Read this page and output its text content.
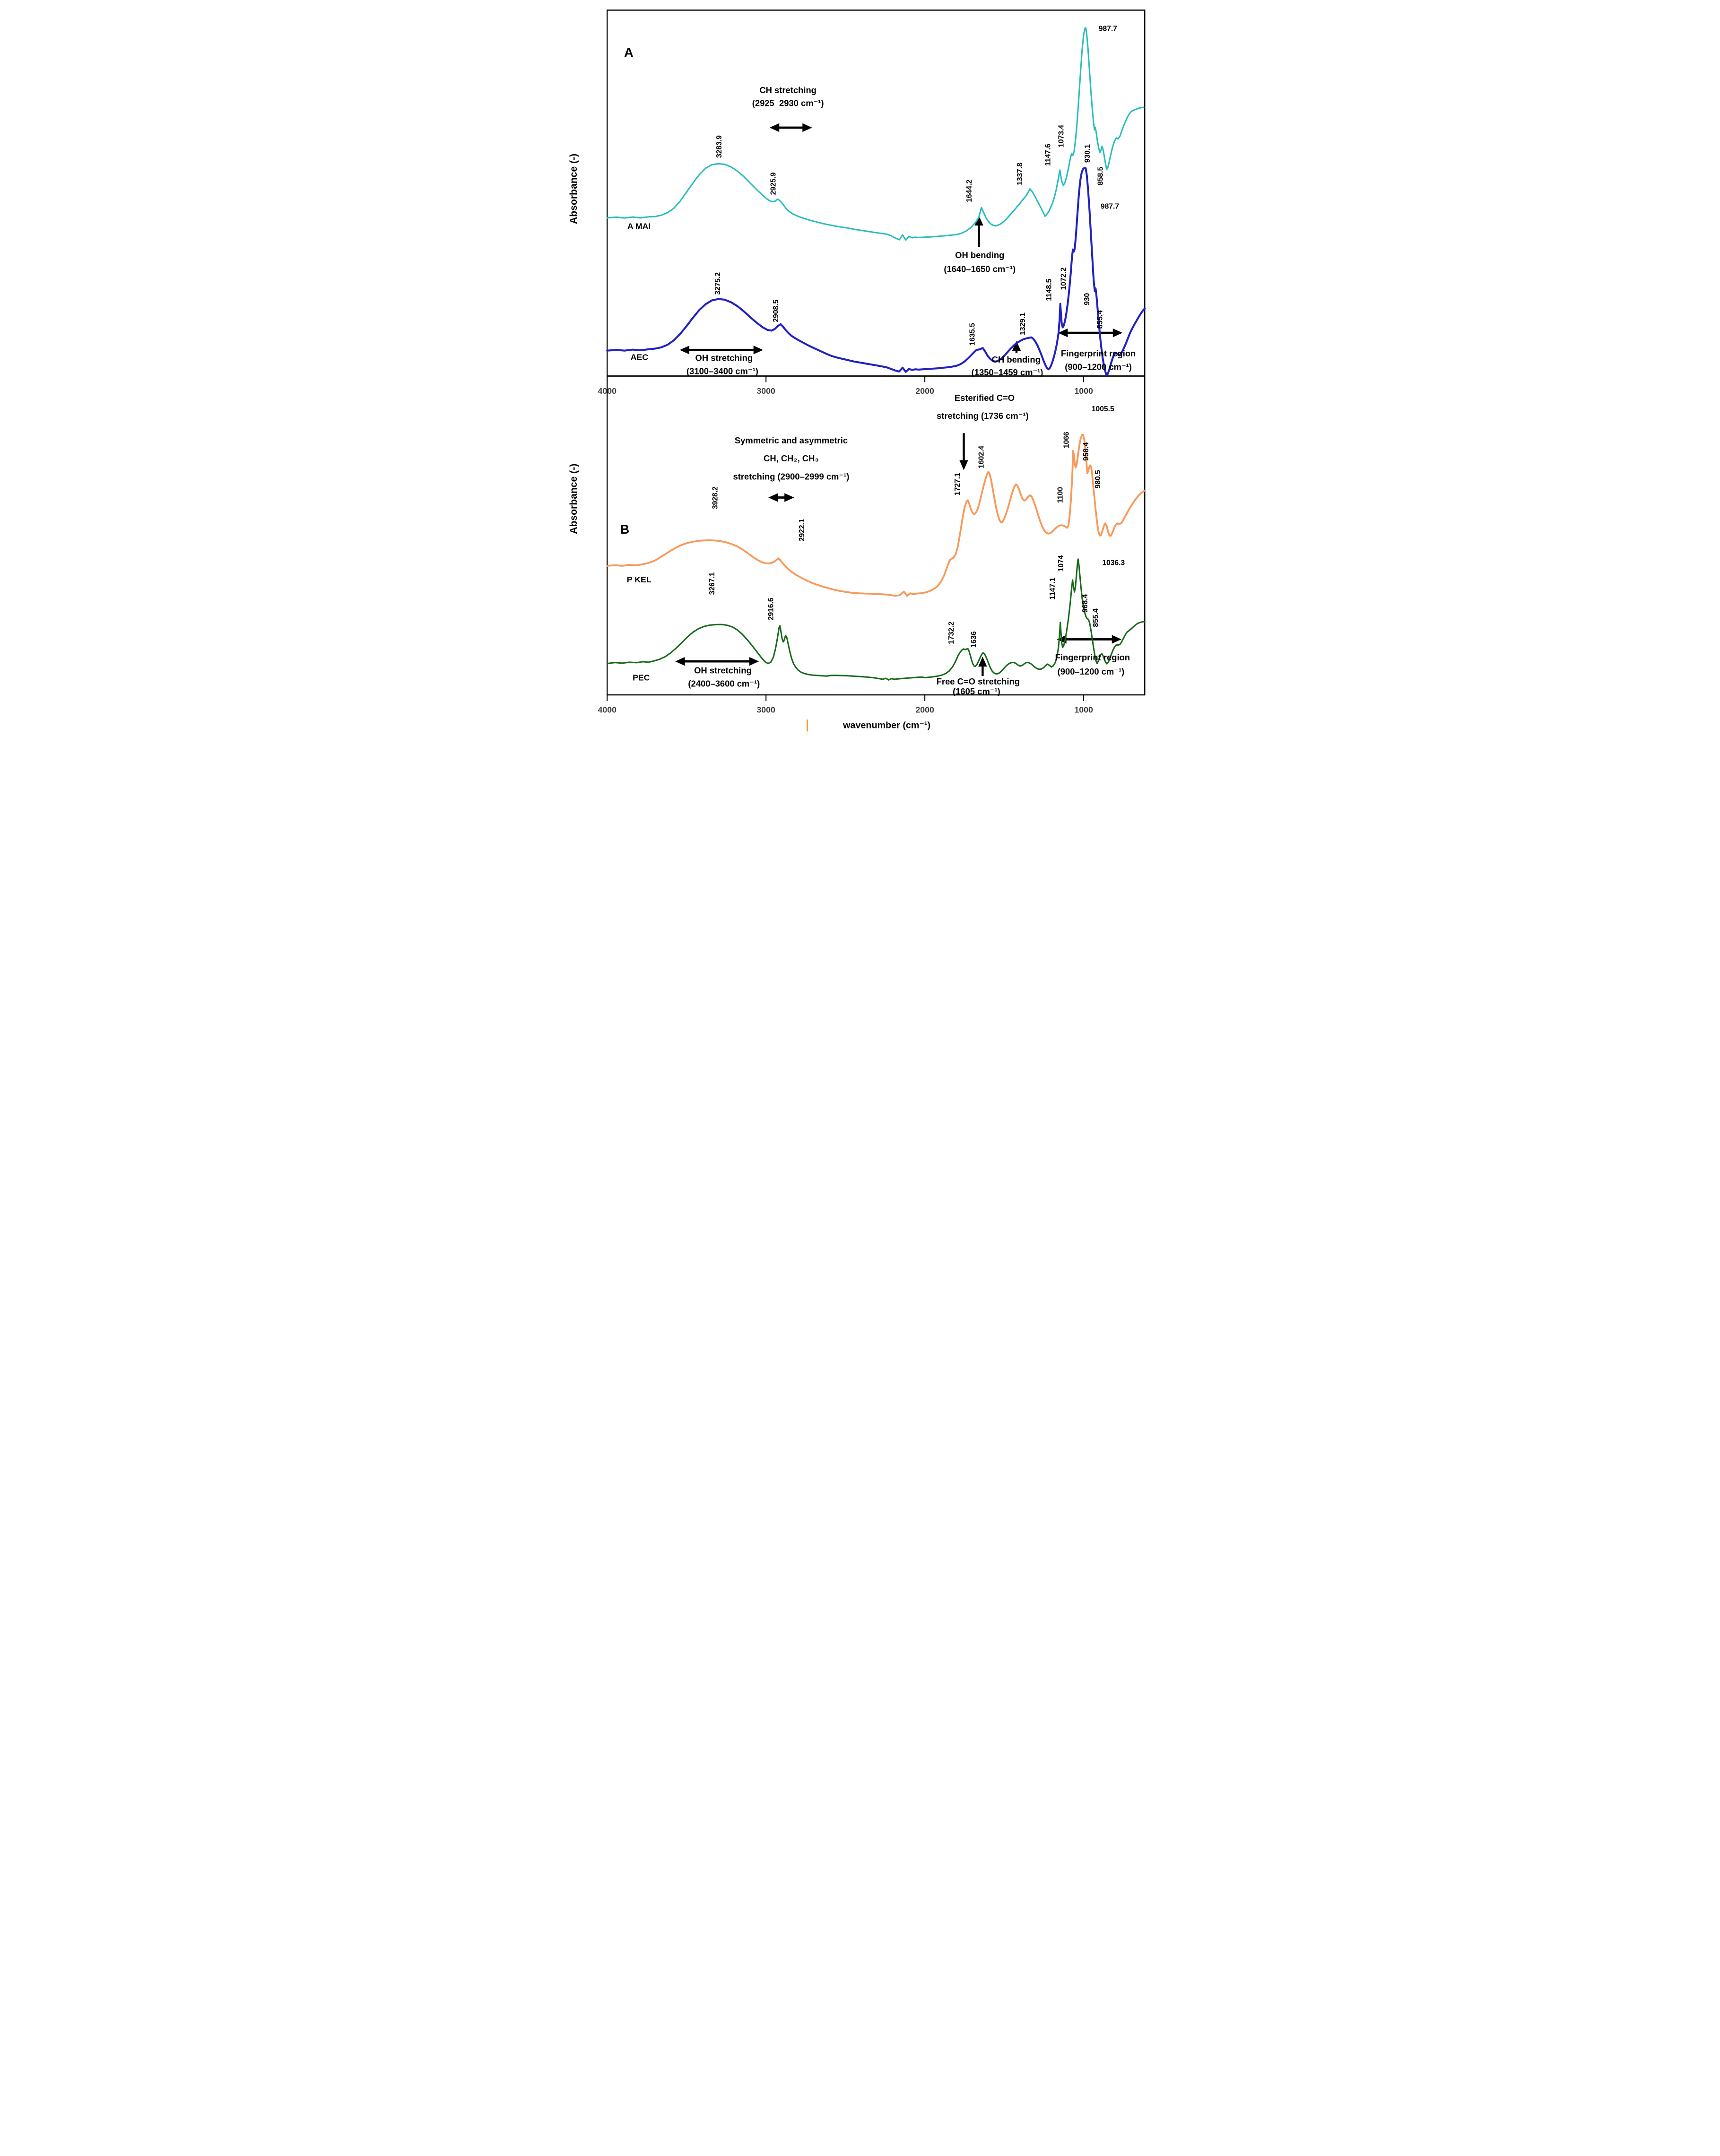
4000
4000
3000
3000
2000
2000
1000
1000
Absorbance (-)
Absorbance (-)
wavenumber (cm⁻¹)
A MAI
AEC
3283.9
2925.9	1644.2
1337.8
1147.6
1073.4
987.7
930.1
858.5
3275.2
2908.5
1635.5 1329.1
1148.5 1072.2
987.7
930
855.4
A
CH stretching
(2925_2930 cm⁻¹)
OH bending
(1640–1650 cm⁻¹)
OH stretching
(3100–3400 cm⁻¹)
CH bending
(1350–1459 cm⁻¹)
Fingerprint region
(900–1200 cm⁻¹)
P KEL
PEC
3928.2
2922.1
1727.1
1602.4
1100
1066
1005.5
958.4
980.5
3267.1
2916.6
1732.2 1636
1147.1
1074 1036.3
968.4
855.4
B
Symmetric and asymmetric
CH, CH₂, CH₃
stretching (2900–2999 cm⁻¹)
Esterified C=O
stretching (1736 cm⁻¹)
OH stretching
(2400–3600 cm⁻¹)	Free C=O stretching
(1605 cm⁻¹)
Fingerprint region
(900–1200 cm⁻¹)
